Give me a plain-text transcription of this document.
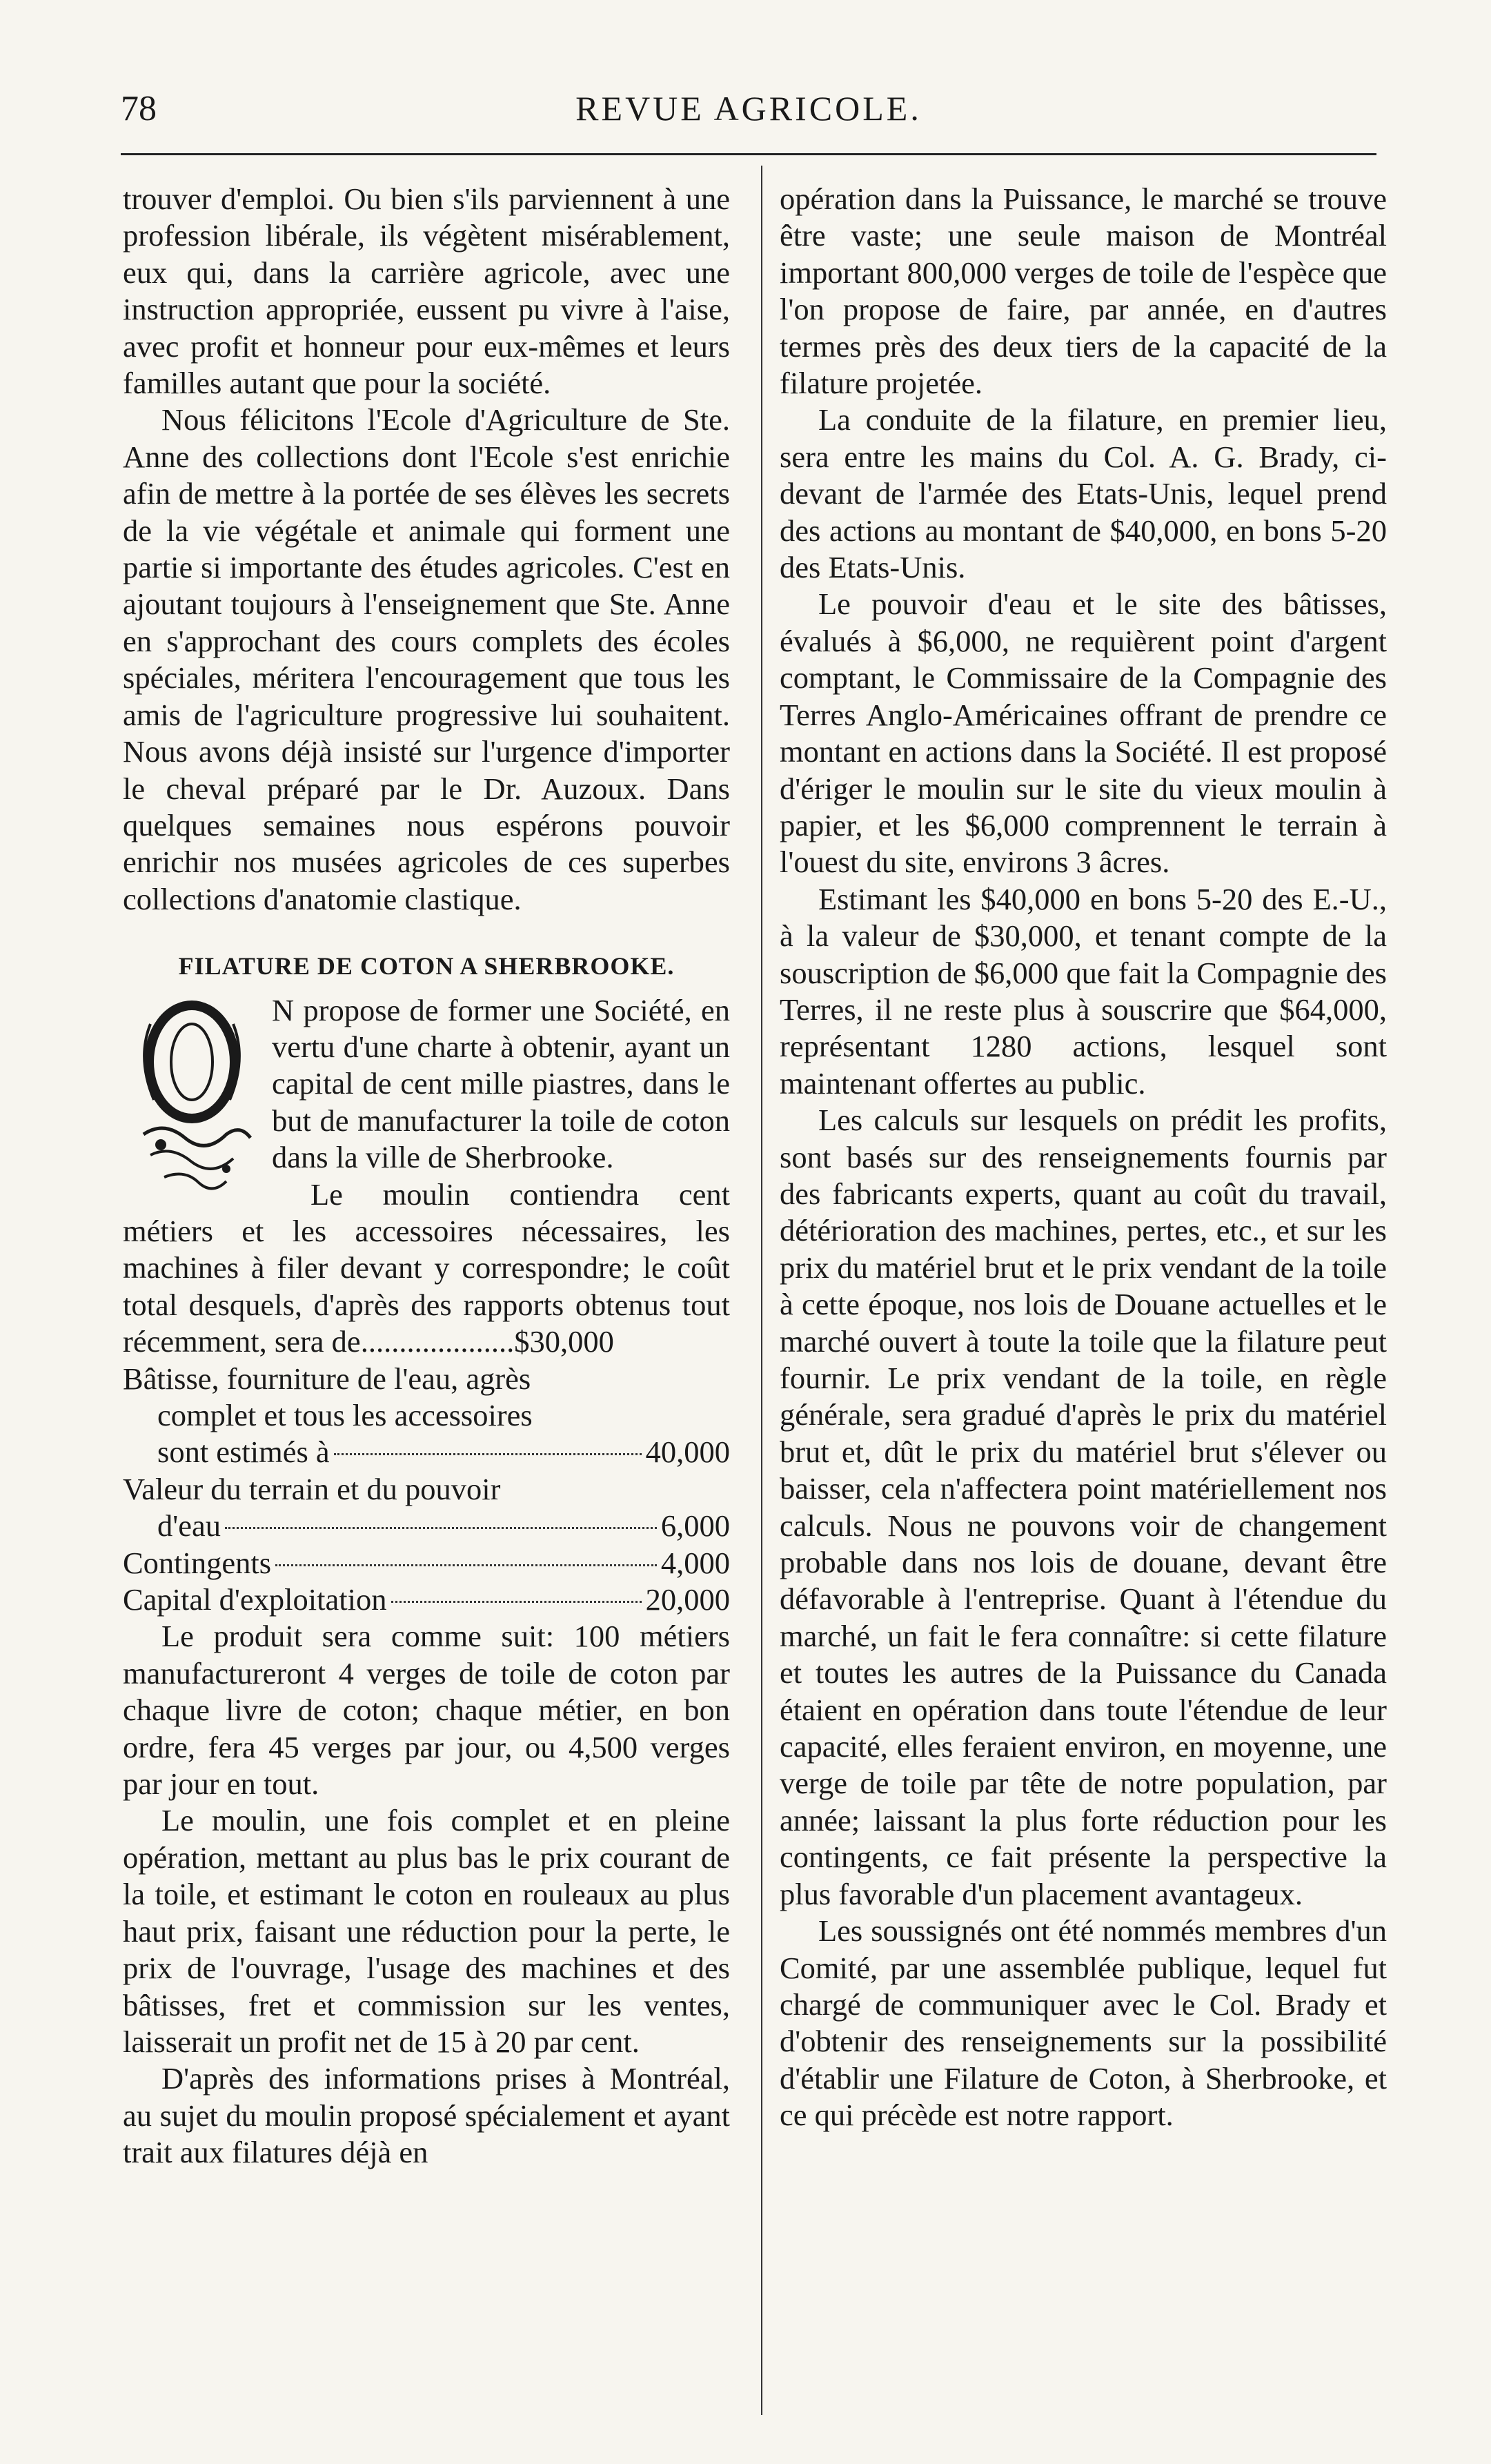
78	REVUE AGRICOLE.

trouver d'emploi. Ou bien s'ils parviennent à une profession libérale, ils végètent misérablement, eux qui, dans la carrière agricole, avec une instruction appropriée, eussent pu vivre à l'aise, avec profit et honneur pour eux-mêmes et leurs familles autant que pour la société.

Nous félicitons l'Ecole d'Agriculture de Ste. Anne des collections dont l'Ecole s'est enrichie afin de mettre à la portée de ses élèves les secrets de la vie végétale et animale qui forment une partie si importante des études agricoles. C'est en ajoutant toujours à l'enseignement que Ste. Anne en s'approchant des cours complets des écoles spéciales, méritera l'encouragement que tous les amis de l'agriculture progressive lui souhaitent. Nous avons déjà insisté sur l'urgence d'importer le cheval préparé par le Dr. Auzoux. Dans quelques semaines nous espérons pouvoir enrichir nos musées agricoles de ces superbes collections d'anatomie clastique.

FILATURE DE COTON A SHERBROOKE.

N propose de former une Société, en vertu d'une charte à obtenir, ayant un capital de cent mille piastres, dans le but de manufacturer la toile de coton dans la ville de Sherbrooke.

Le moulin contiendra cent métiers et les accessoires nécessaires, les machines à filer devant y correspondre; le coût total desquels, d'après des rapports obtenus tout récemment, sera de....................$30,000

Bâtisse, fourniture de l'eau, agrès
complet et tous les accessoires
sont estimés à	40,000
Valeur du terrain et du pouvoir
d'eau	6,000
Contingents	4,000
Capital d'exploitation	20,000

Le produit sera comme suit: 100 métiers manufactureront 4 verges de toile de coton par chaque livre de coton; chaque métier, en bon ordre, fera 45 verges par jour, ou 4,500 verges par jour en tout.

Le moulin, une fois complet et en pleine opération, mettant au plus bas le prix courant de la toile, et estimant le coton en rouleaux au plus haut prix, faisant une réduction pour la perte, le prix de l'ouvrage, l'usage des machines et des bâtisses, fret et commission sur les ventes, laisserait un profit net de 15 à 20 par cent.

D'après des informations prises à Montréal, au sujet du moulin proposé spécialement et ayant trait aux filatures déjà en

opération dans la Puissance, le marché se trouve être vaste; une seule maison de Montréal important 800,000 verges de toile de l'espèce que l'on propose de faire, par année, en d'autres termes près des deux tiers de la capacité de la filature projetée.

La conduite de la filature, en premier lieu, sera entre les mains du Col. A. G. Brady, ci-devant de l'armée des Etats-Unis, lequel prend des actions au montant de $40,000, en bons 5-20 des Etats-Unis.

Le pouvoir d'eau et le site des bâtisses, évalués à $6,000, ne requièrent point d'argent comptant, le Commissaire de la Compagnie des Terres Anglo-Américaines offrant de prendre ce montant en actions dans la Société. Il est proposé d'ériger le moulin sur le site du vieux moulin à papier, et les $6,000 comprennent le terrain à l'ouest du site, environs 3 âcres.

Estimant les $40,000 en bons 5-20 des E.-U., à la valeur de $30,000, et tenant compte de la souscription de $6,000 que fait la Compagnie des Terres, il ne reste plus à souscrire que $64,000, représentant 1280 actions, lesquel sont maintenant offertes au public.

Les calculs sur lesquels on prédit les profits, sont basés sur des renseignements fournis par des fabricants experts, quant au coût du travail, détérioration des machines, pertes, etc., et sur les prix du matériel brut et le prix vendant de la toile à cette époque, nos lois de Douane actuelles et le marché ouvert à toute la toile que la filature peut fournir. Le prix vendant de la toile, en règle générale, sera gradué d'après le prix du matériel brut et, dût le prix du matériel brut s'élever ou baisser, cela n'affectera point matériellement nos calculs. Nous ne pouvons voir de changement probable dans nos lois de douane, devant être défavorable à l'entreprise. Quant à l'étendue du marché, un fait le fera connaître: si cette filature et toutes les autres de la Puissance du Canada étaient en opération dans toute l'étendue de leur capacité, elles feraient environ, en moyenne, une verge de toile par tête de notre population, par année; laissant la plus forte réduction pour les contingents, ce fait présente la perspective la plus favorable d'un placement avantageux.

Les soussignés ont été nommés membres d'un Comité, par une assemblée publique, lequel fut chargé de communiquer avec le Col. Brady et d'obtenir des renseignements sur la possibilité d'établir une Filature de Coton, à Sherbrooke, et ce qui précède est notre rapport.
